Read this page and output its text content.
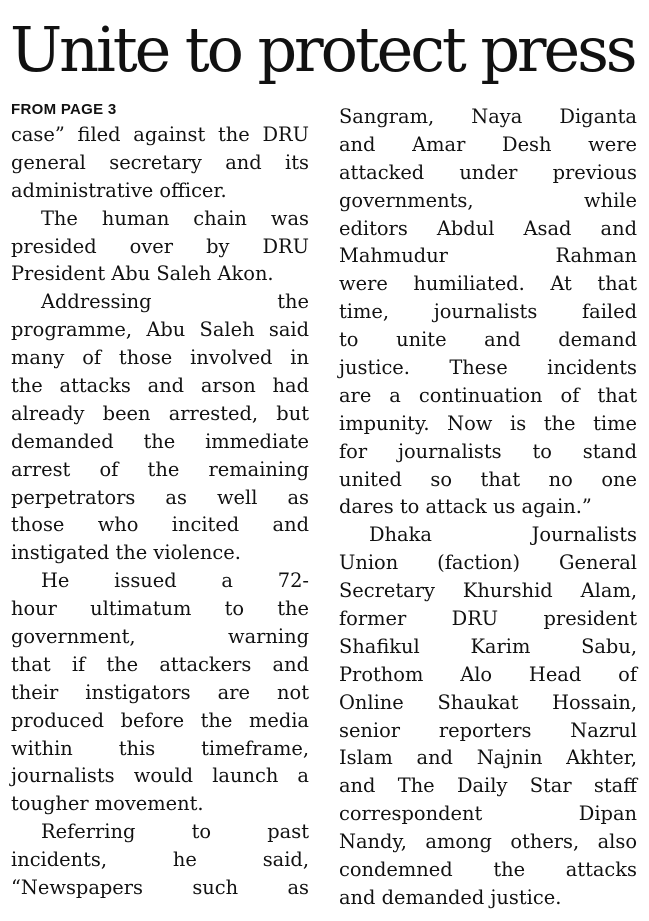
Unite to protect press
FROM PAGE 3
case” filed against the DRU
general secretary and its
administrative officer.
The human chain was
presided over by DRU
President Abu Saleh Akon.
Addressing the
programme, Abu Saleh said
many of those involved in
the attacks and arson had
already been arrested, but
demanded the immediate
arrest of the remaining
perpetrators as well as
those who incited and
instigated the violence.
He issued a 72-
hour ultimatum to the
government, warning
that if the attackers and
their instigators are not
produced before the media
within this timeframe,
journalists would launch a
tougher movement.
Referring to past
incidents, he said,
“Newspapers such as
Sangram, Naya Diganta
and Amar Desh were
attacked under previous
governments, while
editors Abdul Asad and
Mahmudur Rahman
were humiliated. At that
time, journalists failed
to unite and demand
justice. These incidents
are a continuation of that
impunity. Now is the time
for journalists to stand
united so that no one
dares to attack us again.”
Dhaka Journalists
Union (faction) General
Secretary Khurshid Alam,
former DRU president
Shafikul Karim Sabu,
Prothom Alo Head of
Online Shaukat Hossain,
senior reporters Nazrul
Islam and Najnin Akhter,
and The Daily Star staff
correspondent Dipan
Nandy, among others, also
condemned the attacks
and demanded justice.
